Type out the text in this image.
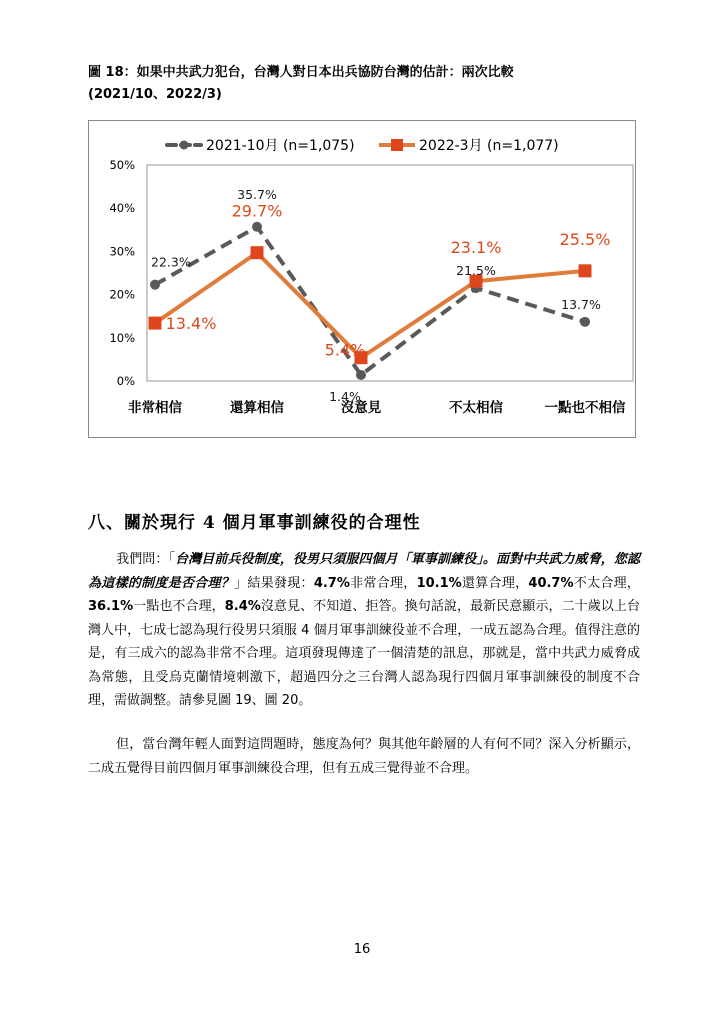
圖 18：如果中共武力犯台，台灣人對日本出兵協防台灣的估計：兩次比較
(2021/10、2022/3)
0%
10%
20%
30%
40%
50%
非常相信	還算相信	沒意見	不太相信	一點也不相信
2021-10月 (n=1,075)	2022-3月 (n=1,077)
22.3%
35.7%
1.4%
21.5%
13.7%
13.4%
29.7%
5.4%
23.1%	25.5%
八、關於現行 4 個月軍事訓練役的合理性
我們問：「台灣目前兵役制度，役男只須服四個月「軍事訓練役」。面對中共武力威脅，您認為這樣的制度是否合理？」結果發現：4.7%非常合理，10.1%還算合理，40.7%不太合理，36.1%一點也不合理，8.4%沒意見、不知道、拒答。換句話說，最新民意顯示，二十歲以上台灣人中，七成七認為現行役男只須服 4 個月軍事訓練役並不合理，一成五認為合理。值得注意的是，有三成六的認為非常不合理。這項發現傳達了一個清楚的訊息，那就是，當中共武力威脅成為常態，且受烏克蘭情境刺激下，超過四分之三台灣人認為現行四個月軍事訓練役的制度不合理，需做調整。請參見圖 19、圖 20。
但，當台灣年輕人面對這問題時，態度為何？與其他年齡層的人有何不同？深入分析顯示，二成五覺得目前四個月軍事訓練役合理，但有五成三覺得並不合理。
16
